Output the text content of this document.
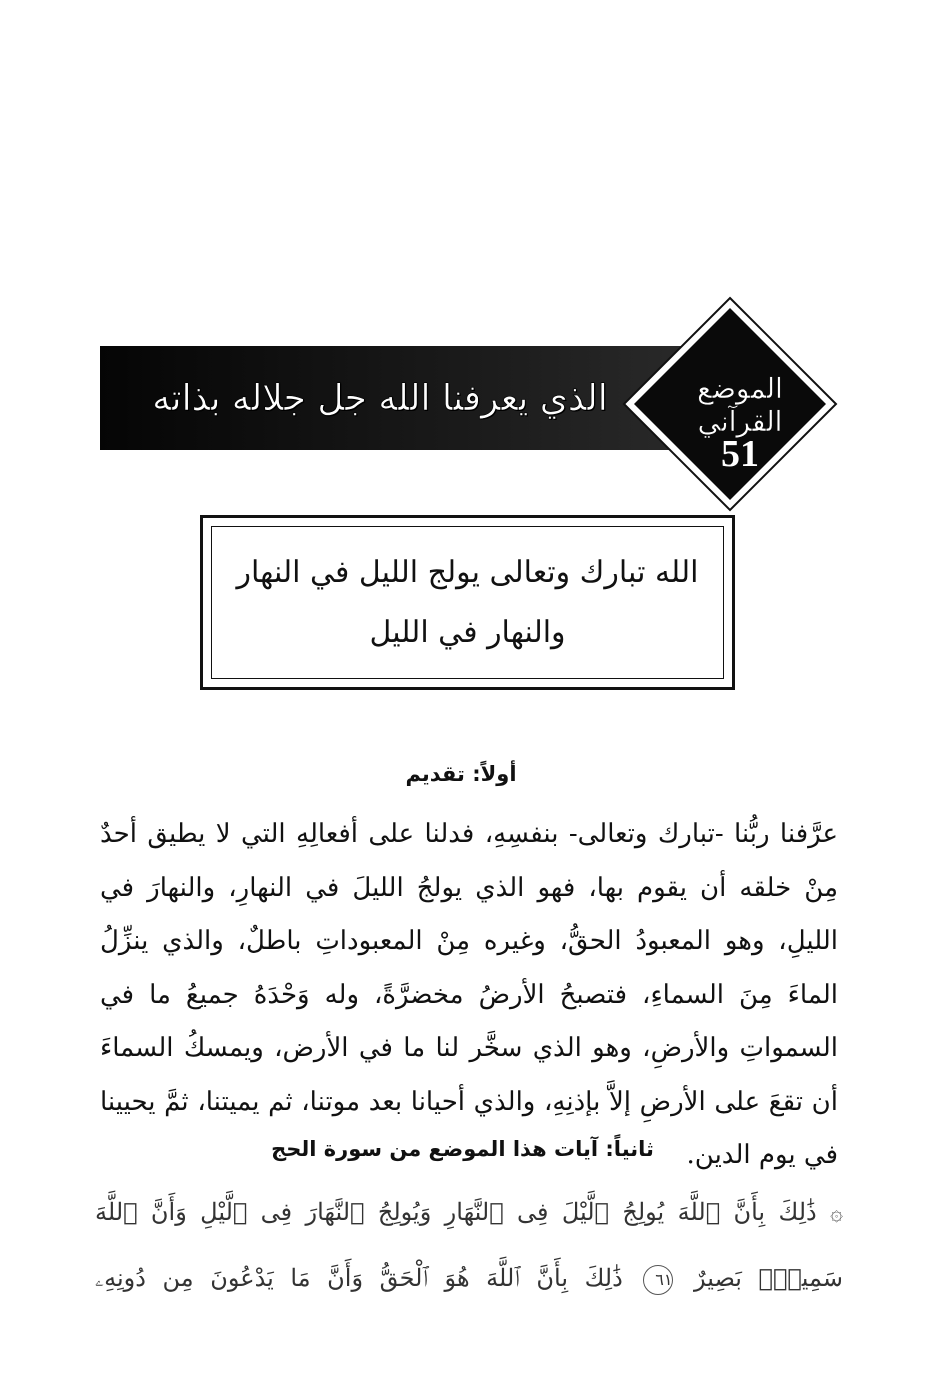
الذي يعرفنا الله جل جلاله بذاته	الموضع القرآني
51
الله تبارك وتعالى يولج الليل في النهار
والنهار في الليل
أولاً: تقديم
عرَّفنا ربُّنا -تبارك وتعالى- بنفسِهِ، فدلنا على أفعالِهِ التي لا يطيق أحدٌ مِنْ خلقه أن يقوم بها، فهو الذي يولجُ الليلَ في النهارِ، والنهارَ في الليلِ، وهو المعبودُ الحقُّ، وغيره مِنْ المعبوداتِ باطلٌ، والذي ينزِّلُ الماءَ مِنَ السماءِ، فتصبحُ الأرضُ مخضرَّةً، وله وَحْدَهُ جميعُ ما في السمواتِ والأرضِ، وهو الذي سخَّر لنا ما في الأرض، ويمسكُ السماءَ أن تقعَ على الأرضِ إلاَّ بإذنِهِ، والذي أحيانا بعد موتنا، ثم يميتنا، ثمَّ يحيينا في يوم الدين.
ثانياً: آيات هذا الموضع من سورة الحج
۞ ذَٰلِكَ بِأَنَّ ٱللَّهَ يُولِجُ ٱلَّيْلَ فِى ٱلنَّهَارِ وَيُولِجُ ٱلنَّهَارَ فِى ٱلَّيْلِ وَأَنَّ ٱللَّهَ سَمِيعٌۢ بَصِيرٌ ٦١ ذَٰلِكَ بِأَنَّ ٱللَّهَ هُوَ ٱلْحَقُّ وَأَنَّ مَا يَدْعُونَ مِن دُونِهِۦ
